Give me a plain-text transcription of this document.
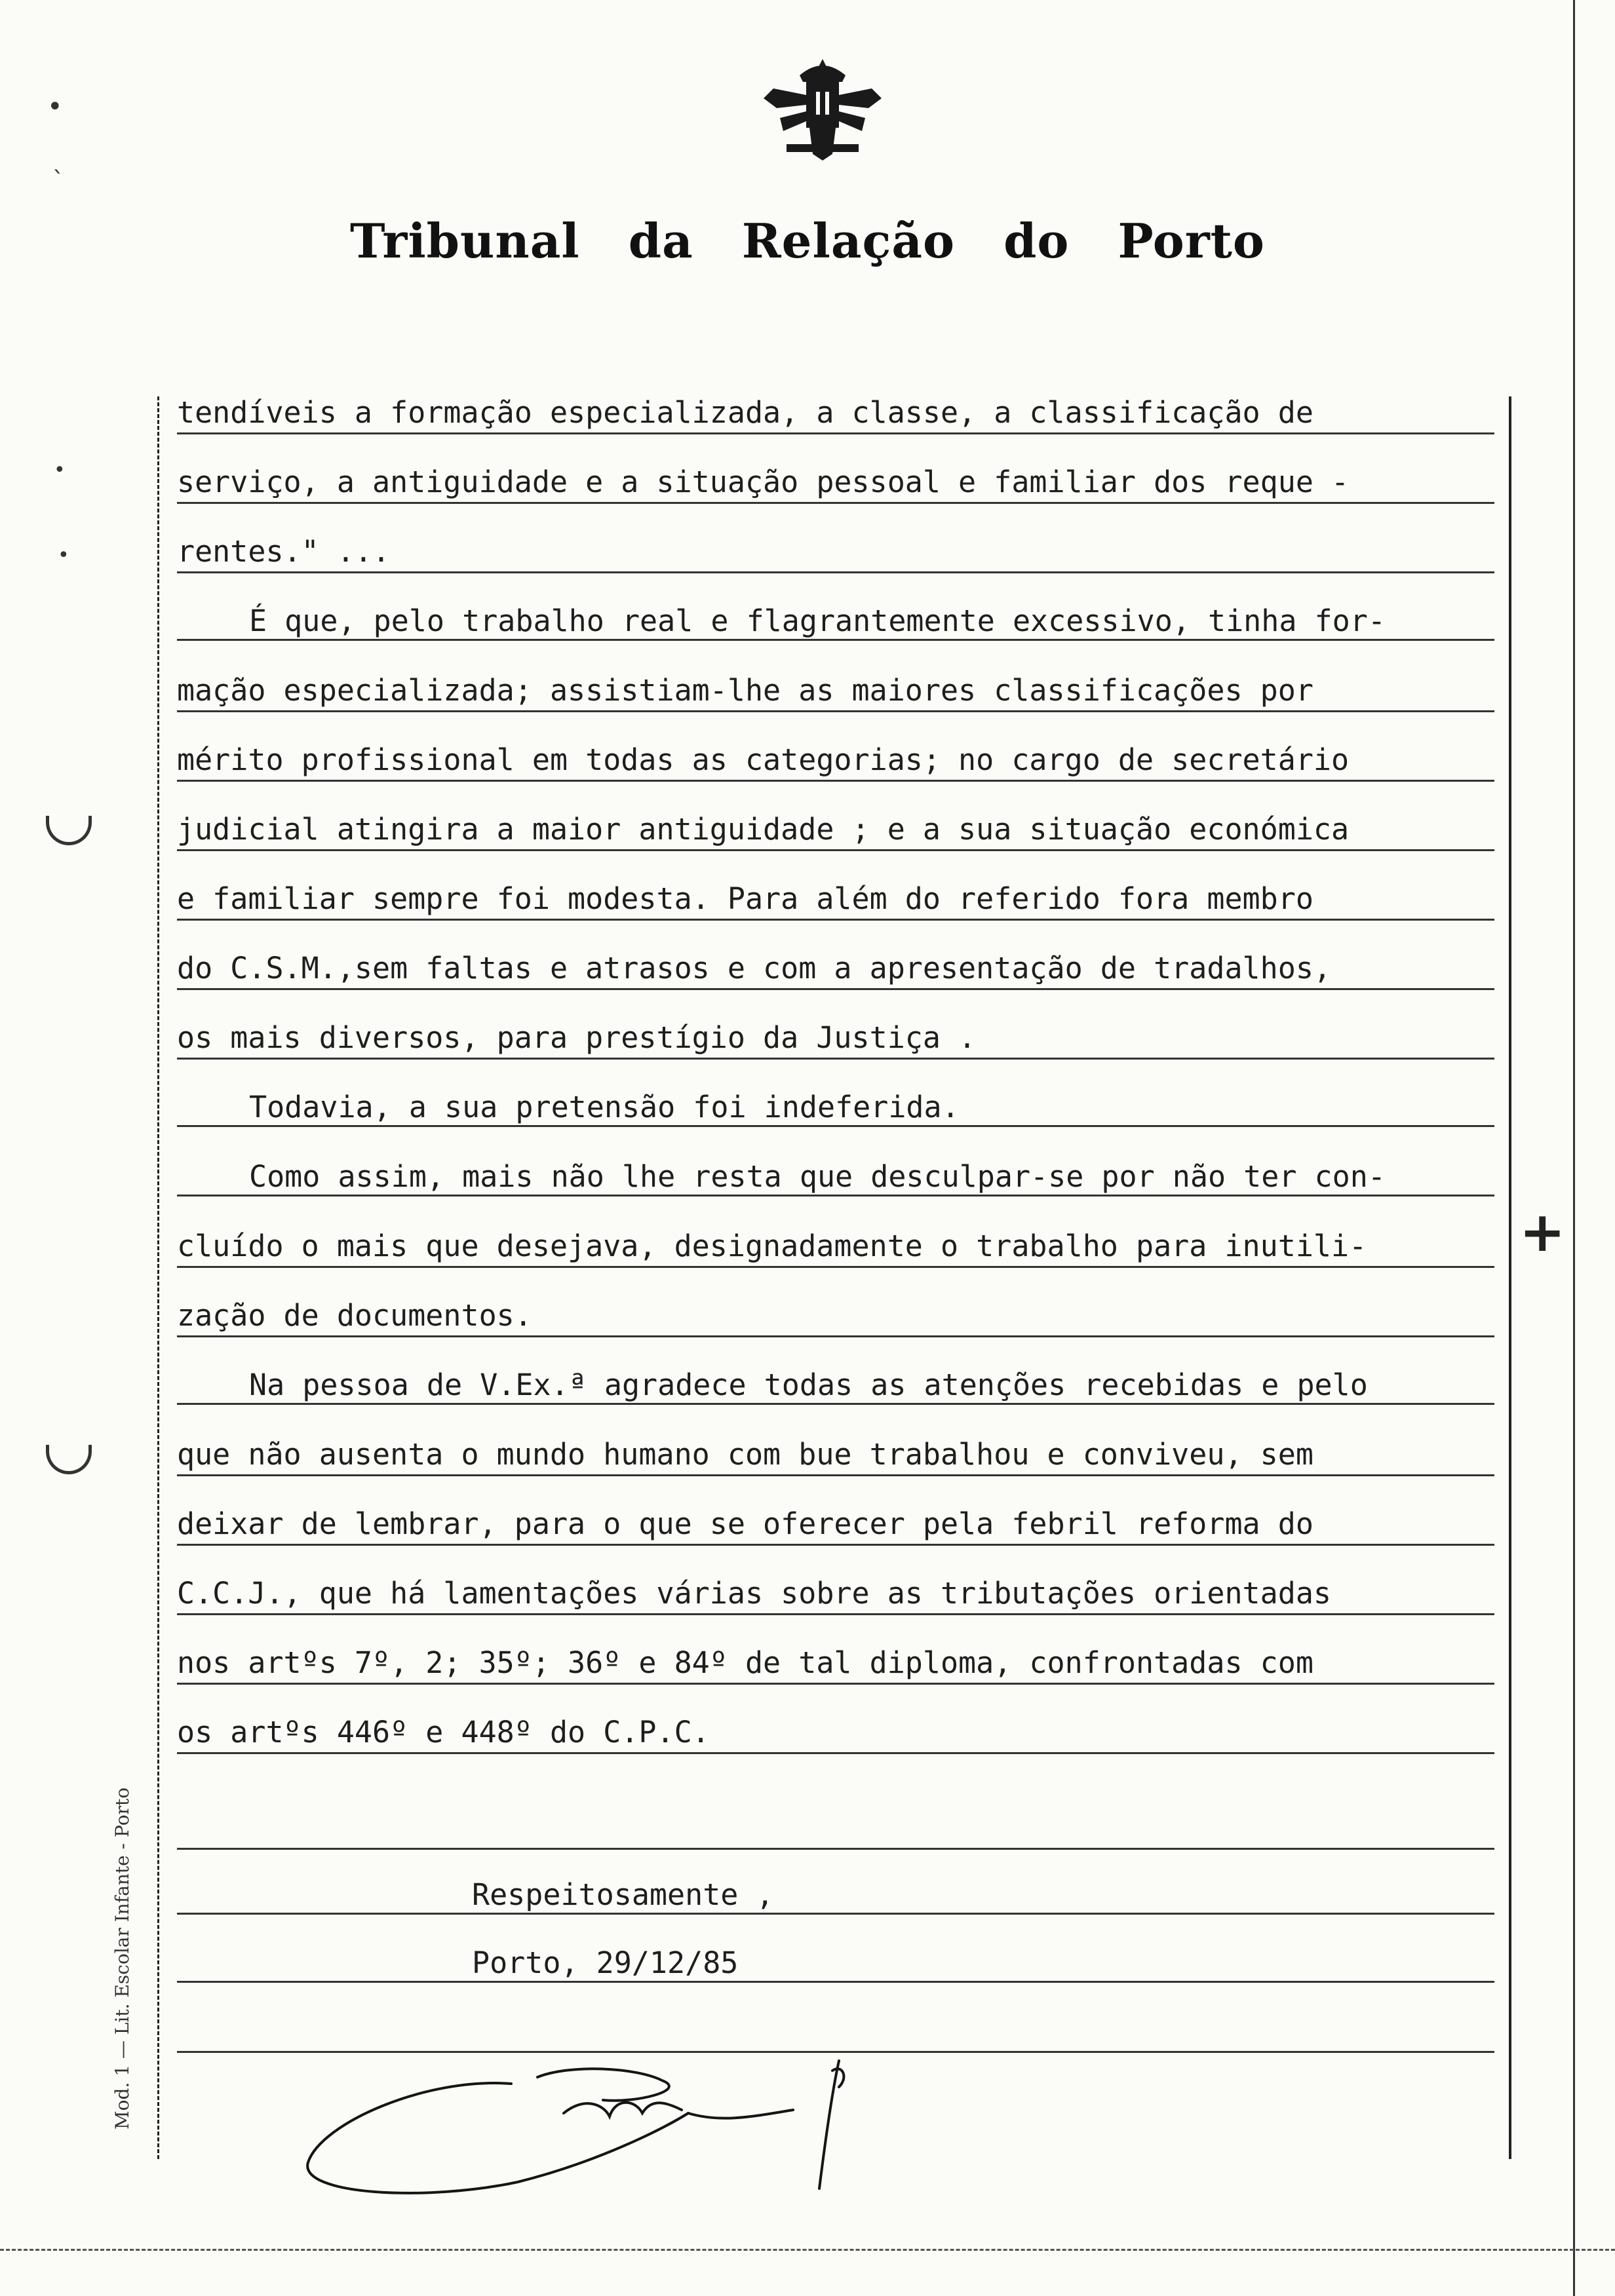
Tribunal da Relação do Porto
tendíveis a formação especializada, a classe, a classificação de
serviço, a antiguidade e a situação pessoal e familiar dos reque -
rentes." ...
É que, pelo trabalho real e flagrantemente excessivo, tinha for-
mação especializada; assistiam-lhe as maiores classificações por
mérito profissional em todas as categorias; no cargo de secretário
judicial atingira a maior antiguidade ; e a sua situação económica
e familiar sempre foi modesta. Para além do referido fora membro
do C.S.M.,sem faltas e atrasos e com a apresentação de tradalhos,
os mais diversos, para prestígio da Justiça .
Todavia, a sua pretensão foi indeferida.
Como assim, mais não lhe resta que desculpar-se por não ter con-
cluído o mais que desejava, designadamente o trabalho para inutili-
zação de documentos.
Na pessoa de V.Ex.ª agradece todas as atenções recebidas e pelo
que não ausenta o mundo humano com bue trabalhou e conviveu, sem
deixar de lembrar, para o que se oferecer pela febril reforma do
C.C.J., que há lamentações várias sobre as tributações orientadas
nos artºs 7º, 2; 35º; 36º e 84º de tal diploma, confrontadas com
os artºs 446º e 448º do C.P.C.
Respeitosamente ,
Porto, 29/12/85
+
•
`
•
•
Mod. 1 — Lit. Escolar Infante - Porto
